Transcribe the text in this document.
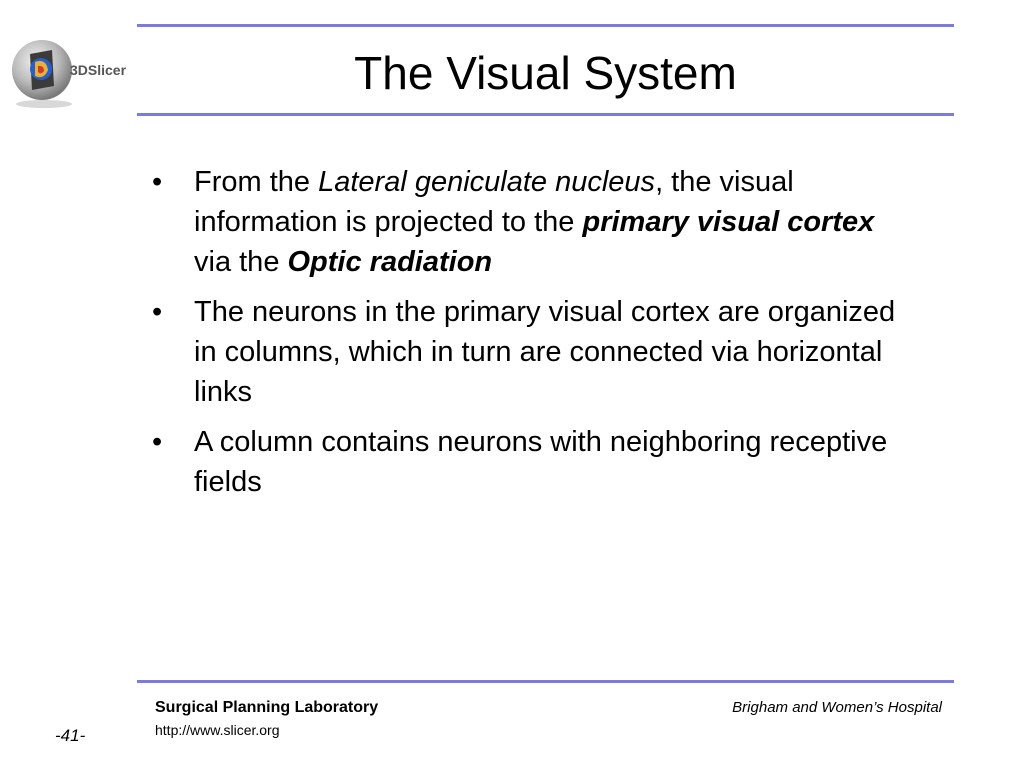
3DSlicer	The Visual System
• From the Lateral geniculate nucleus, the visual information is projected to the primary visual cortex via the Optic radiation
• The neurons in the primary visual cortex are organized in columns, which in turn are connected via horizontal links
• A column contains neurons with neighboring receptive fields
Surgical Planning Laboratory
http://www.slicer.org
Brigham and Women’s Hospital
-41-
